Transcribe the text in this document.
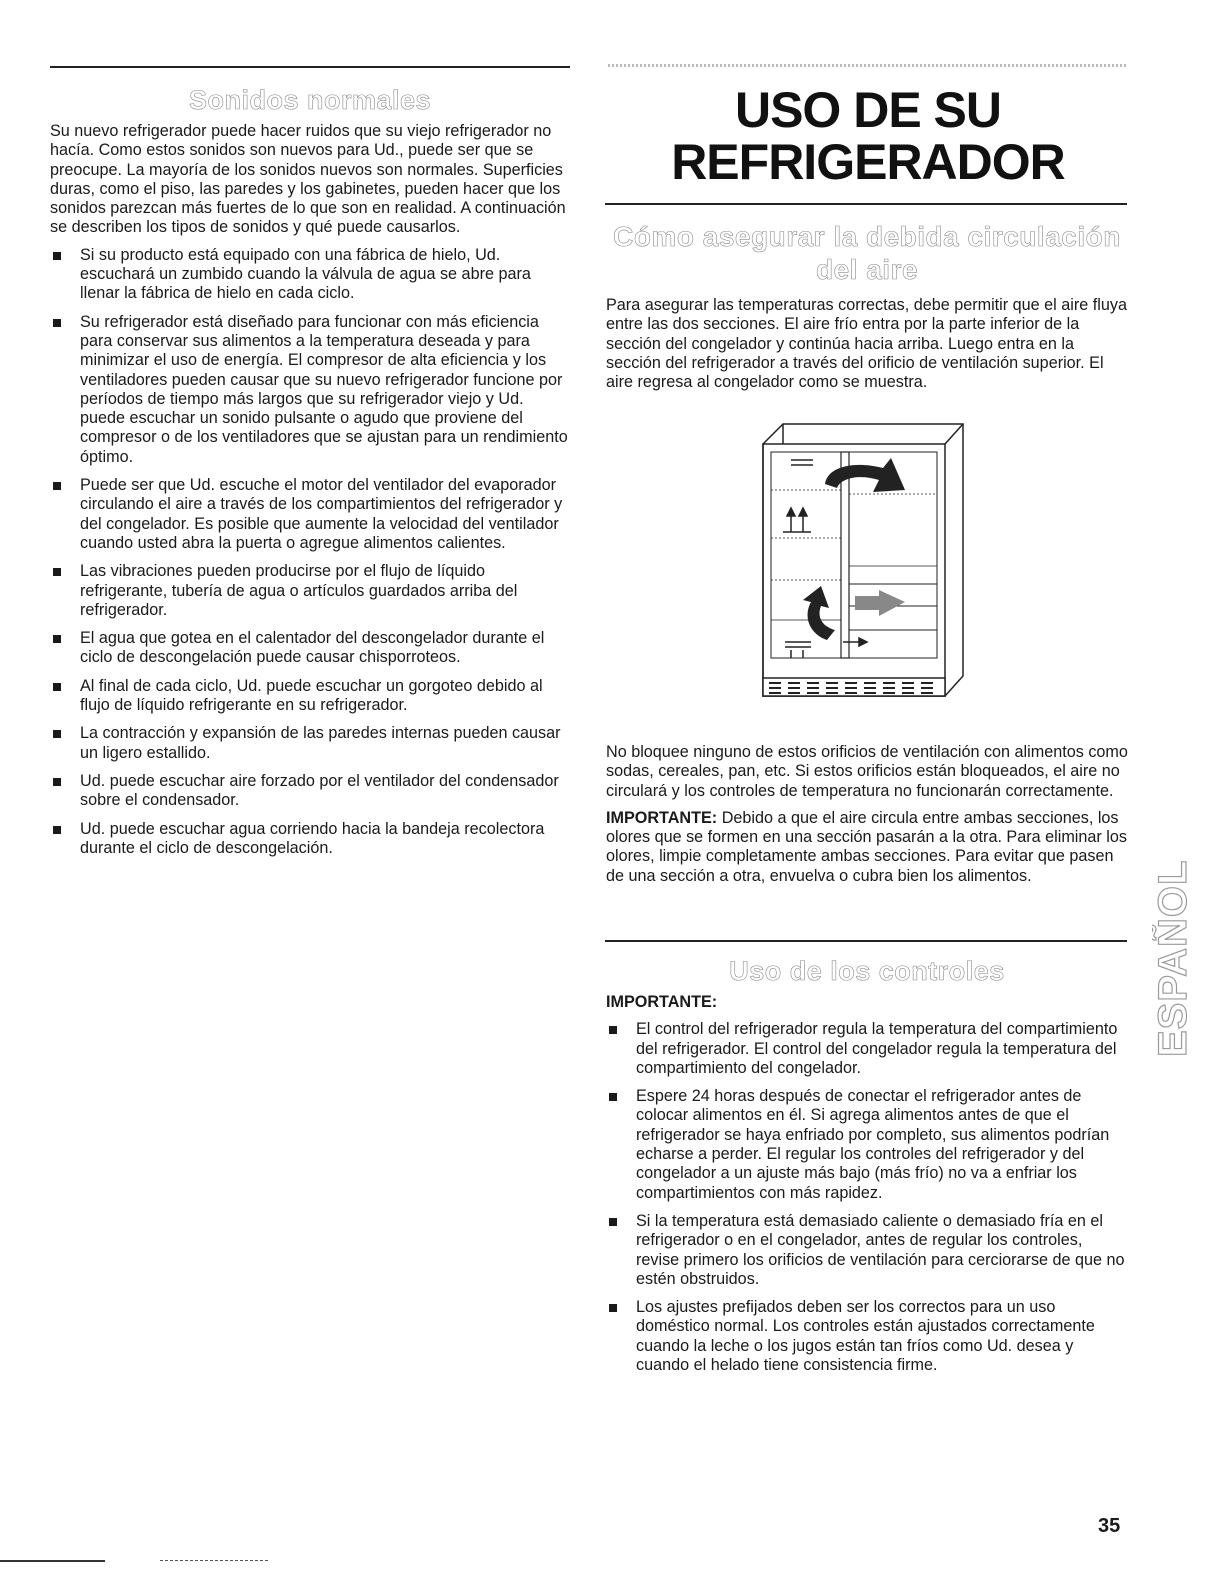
Sonidos normales

Su nuevo refrigerador puede hacer ruidos que su viejo refrigerador no hacía. Como estos sonidos son nuevos para Ud., puede ser que se preocupe. La mayoría de los sonidos nuevos son normales. Superficies duras, como el piso, las paredes y los gabinetes, pueden hacer que los sonidos parezcan más fuertes de lo que son en realidad. A continuación se describen los tipos de sonidos y qué puede causarlos.

Si su producto está equipado con una fábrica de hielo, Ud. escuchará un zumbido cuando la válvula de agua se abre para llenar la fábrica de hielo en cada ciclo.
Su refrigerador está diseñado para funcionar con más eficiencia para conservar sus alimentos a la temperatura deseada y para minimizar el uso de energía. El compresor de alta eficiencia y los ventiladores pueden causar que su nuevo refrigerador funcione por períodos de tiempo más largos que su refrigerador viejo y Ud. puede escuchar un sonido pulsante o agudo que proviene del compresor o de los ventiladores que se ajustan para un rendimiento óptimo.
Puede ser que Ud. escuche el motor del ventilador del evaporador circulando el aire a través de los compartimientos del refrigerador y del congelador. Es posible que aumente la velocidad del ventilador cuando usted abra la puerta o agregue alimentos calientes.
Las vibraciones pueden producirse por el flujo de líquido refrigerante, tubería de agua o artículos guardados arriba del refrigerador.
El agua que gotea en el calentador del descongelador durante el ciclo de descongelación puede causar chisporroteos.
Al final de cada ciclo, Ud. puede escuchar un gorgoteo debido al flujo de líquido refrigerante en su refrigerador.
La contracción y expansión de las paredes internas pueden causar un ligero estallido.
Ud. puede escuchar aire forzado por el ventilador del condensador sobre el condensador.
Ud. puede escuchar agua corriendo hacia la bandeja recolectora durante el ciclo de descongelación.
USO DE SU
REFRIGERADOR
Cómo asegurar la debida circulación
del aire

Para asegurar las temperaturas correctas, debe permitir que el aire fluya entre las dos secciones. El aire frío entra por la parte inferior de la sección del congelador y continúa hacia arriba. Luego entra en la sección del refrigerador a través del orificio de ventilación superior. El aire regresa al congelador como se muestra.

No bloquee ninguno de estos orificios de ventilación con alimentos como sodas, cereales, pan, etc. Si estos orificios están bloqueados, el aire no circulará y los controles de temperatura no funcionarán correctamente.

IMPORTANTE: Debido a que el aire circula entre ambas secciones, los olores que se formen en una sección pasarán a la otra. Para eliminar los olores, limpie completamente ambas secciones. Para evitar que pasen de una sección a otra, envuelva o cubra bien los alimentos.

Uso de los controles

IMPORTANTE:

El control del refrigerador regula la temperatura del compartimiento del refrigerador. El control del congelador regula la temperatura del compartimiento del congelador.
Espere 24 horas después de conectar el refrigerador antes de colocar alimentos en él. Si agrega alimentos antes de que el refrigerador se haya enfriado por completo, sus alimentos podrían echarse a perder. El regular los controles del refrigerador y del congelador a un ajuste más bajo (más frío) no va a enfriar los compartimientos con más rapidez.
Si la temperatura está demasiado caliente o demasiado fría en el refrigerador o en el congelador, antes de regular los controles, revise primero los orificios de ventilación para cerciorarse de que no estén obstruidos.
Los ajustes prefijados deben ser los correctos para un uso doméstico normal. Los controles están ajustados correctamente cuando la leche o los jugos están tan fríos como Ud. desea y cuando el helado tiene consistencia firme.
ESPAÑOL
35
